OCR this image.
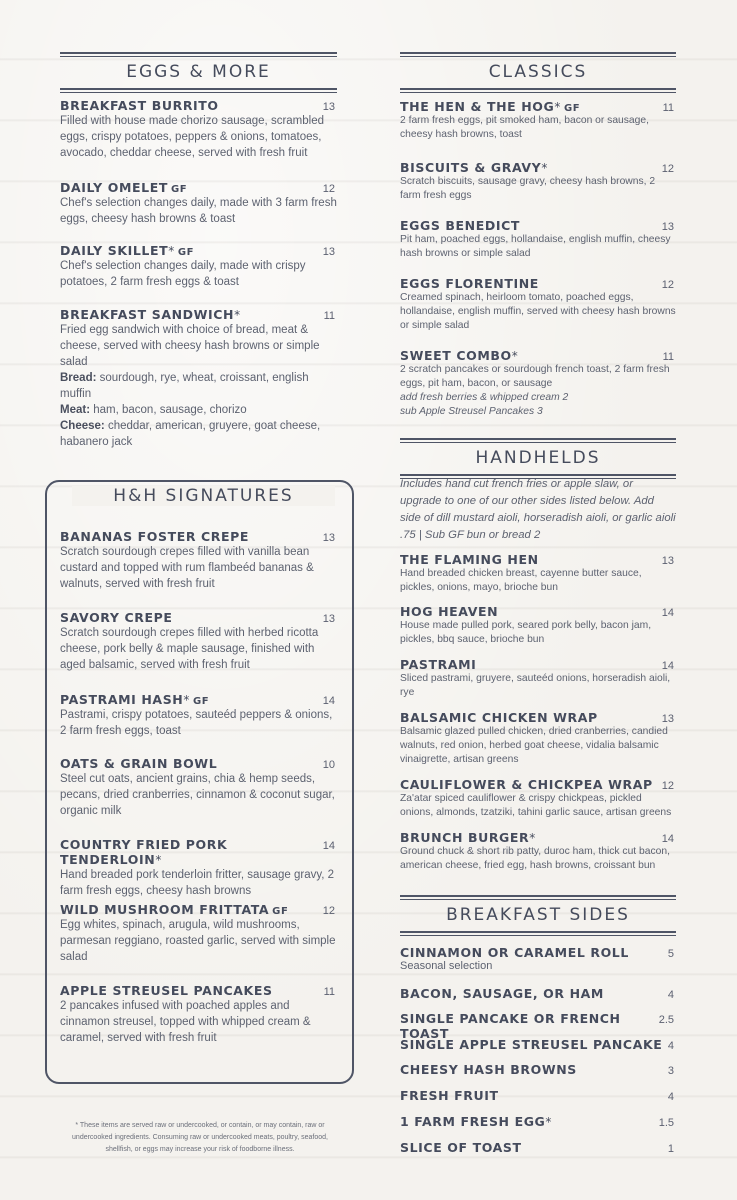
EGGS & MORE
BREAKFAST BURRITO	13
Filled with house made chorizo sausage, scrambled eggs, crispy potatoes, peppers & onions, tomatoes, avocado, cheddar cheese, served with fresh fruit
DAILY OMELET GF	12
Chef's selection changes daily, made with 3 farm fresh eggs, cheesy hash browns & toast
DAILY SKILLET* GF	13
Chef's selection changes daily, made with crispy potatoes, 2 farm fresh eggs & toast
BREAKFAST SANDWICH*	11
Fried egg sandwich with choice of bread, meat & cheese, served with cheesy hash browns or simple salad
Bread: sourdough, rye, wheat, croissant, english muffin
Meat: ham, bacon, sausage, chorizo
Cheese: cheddar, american, gruyere, goat cheese, habanero jack
H&H SIGNATURES
BANANAS FOSTER CREPE	13
Scratch sourdough crepes filled with vanilla bean custard and topped with rum flambeéd bananas & walnuts, served with fresh fruit
SAVORY CREPE	13
Scratch sourdough crepes filled with herbed ricotta cheese, pork belly & maple sausage, finished with aged balsamic, served with fresh fruit
PASTRAMI HASH* GF	14
Pastrami, crispy potatoes, sauteéd peppers & onions, 2 farm fresh eggs, toast
OATS & GRAIN BOWL	10
Steel cut oats, ancient grains, chia & hemp seeds, pecans, dried cranberries, cinnamon & coconut sugar, organic milk
COUNTRY FRIED PORK TENDERLOIN*
14
Hand breaded pork tenderloin fritter, sausage gravy, 2 farm fresh eggs, cheesy hash browns
WILD MUSHROOM FRITTATA GF	12
Egg whites, spinach, arugula, wild mushrooms, parmesan reggiano, roasted garlic, served with simple salad
APPLE STREUSEL PANCAKES	11
2 pancakes infused with poached apples and cinnamon streusel, topped with whipped cream & caramel, served with fresh fruit
* These items are served raw or undercooked, or contain, or may contain, raw or undercooked ingredients. Consuming raw or undercooked meats, poultry, seafood, shellfish, or eggs may increase your risk of foodborne illness.
CLASSICS
THE HEN & THE HOG* GF	11
2 farm fresh eggs, pit smoked ham, bacon or sausage, cheesy hash browns, toast
BISCUITS & GRAVY*	12
Scratch biscuits, sausage gravy, cheesy hash browns, 2 farm fresh eggs
EGGS BENEDICT	13
Pit ham, poached eggs, hollandaise, english muffin, cheesy hash browns or simple salad
EGGS FLORENTINE	12
Creamed spinach, heirloom tomato, poached eggs, hollandaise, english muffin, served with cheesy hash browns or simple salad
SWEET COMBO*	11
2 scratch pancakes or sourdough french toast, 2 farm fresh eggs, pit ham, bacon, or sausage
add fresh berries & whipped cream 2
sub Apple Streusel Pancakes 3
HANDHELDS
Includes hand cut french fries or apple slaw, or upgrade to one of our other sides listed below. Add side of dill mustard aioli, horseradish aioli, or garlic aioli .75 | Sub GF bun or bread 2
THE FLAMING HEN	13
Hand breaded chicken breast, cayenne butter sauce, pickles, onions, mayo, brioche bun
HOG HEAVEN	14
House made pulled pork, seared pork belly, bacon jam, pickles, bbq sauce, brioche bun
PASTRAMI	14
Sliced pastrami, gruyere, sauteéd onions, horseradish aioli, rye
BALSAMIC CHICKEN WRAP	13
Balsamic glazed pulled chicken, dried cranberries, candied walnuts, red onion, herbed goat cheese, vidalia balsamic vinaigrette, artisan greens
CAULIFLOWER & CHICKPEA WRAP 12
Za'atar spiced cauliflower & crispy chickpeas, pickled onions, almonds, tzatziki, tahini garlic sauce, artisan greens
BRUNCH BURGER*	14
Ground chuck & short rib patty, duroc ham, thick cut bacon, american cheese, fried egg, hash browns, croissant bun
BREAKFAST SIDES
CINNAMON OR CARAMEL ROLL	5
Seasonal selection
BACON, SAUSAGE, OR HAM	4
SINGLE PANCAKE OR FRENCH TOAST
2.5
SINGLE APPLE STREUSEL PANCAKE 4
CHEESY HASH BROWNS	3
FRESH FRUIT	4
1 FARM FRESH EGG*	1.5
SLICE OF TOAST	1
